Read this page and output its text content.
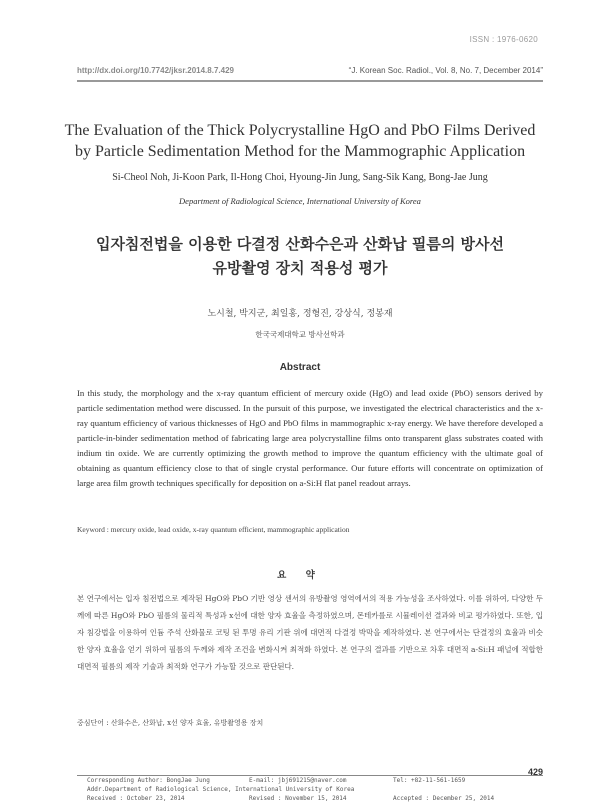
ISSN : 1976-0620
http://dx.doi.org/10.7742/jksr.2014.8.7.429	“J. Korean Soc. Radiol., Vol. 8, No. 7, December 2014”
The Evaluation of the Thick Polycrystalline HgO and PbO Films Derived
by Particle Sedimentation Method for the Mammographic Application
Si-Cheol Noh, Ji-Koon Park, Il-Hong Choi, Hyoung-Jin Jung, Sang-Sik Kang, Bong-Jae Jung
Department of Radiological Science, International University of Korea
입자침전법을 이용한 다결정 산화수은과 산화납 필름의 방사선
유방촬영 장치 적용성 평가
노시철, 박지군, 최일홍, 정형진, 강상식, 정봉재
한국국제대학교 방사선학과
Abstract
In this study, the morphology and the x-ray quantum efficient of mercury oxide (HgO) and lead oxide (PbO) sensors derived by particle sedimentation method were discussed. In the pursuit of this purpose, we investigated the electrical characteristics and the x-ray quantum efficiency of various thicknesses of HgO and PbO films in mammographic x-ray energy. We have therefore developed a particle-in-binder sedimentation method of fabricating large area polycrystalline films onto transparent glass substrates coated with indium tin oxide. We are currently optimizing the growth method to improve the quantum efficiency with the ultimate goal of obtaining as quantum efficiency close to that of single crystal performance. Our future efforts will concentrate on optimization of large area film growth techniques specifically for deposition on a-Si:H flat panel readout arrays.
Keyword : mercury oxide, lead oxide, x-ray quantum efficient, mammographic application
요 약
본 연구에서는 입자 침전법으로 제작된 HgO와 PbO 기반 영상 센서의 유방촬영 영역에서의 적용 가능성을 조사하였다. 이를 위하여, 다양한 두께에 따른 HgO와 PbO 필름의 물리적 특성과 x선에 대한 양자 효율을 측정하였으며, 몬테카를로 시뮬레이션 결과와 비교 평가하였다. 또한, 입자 침강법을 이용하여 인듐 주석 산화물로 코팅 된 투명 유리 기판 위에 대면적 다결정 박막을 제작하였다. 본 연구에서는 단결정의 효율과 비슷한 양자 효율을 얻기 위하여 필름의 두께와 제작 조건을 변화시켜 최적화 하였다. 본 연구의 결과를 기반으로 차후 대면적 a-Si:H 패널에 적합한 대면적 필름의 제작 기술과 최적화 연구가 가능할 것으로 판단된다.
중심단어 : 산화수은, 산화납, x선 양자 효율, 유방촬영용 장치
429
Corresponding Author: BongJae Jung	E-mail: jbj691215@naver.com	Tel: +82-11-561-1659
Addr.Department of Radiological Science, International University of Korea
Received : October 23, 2014	Revised : November 15, 2014	Accepted : December 25, 2014
